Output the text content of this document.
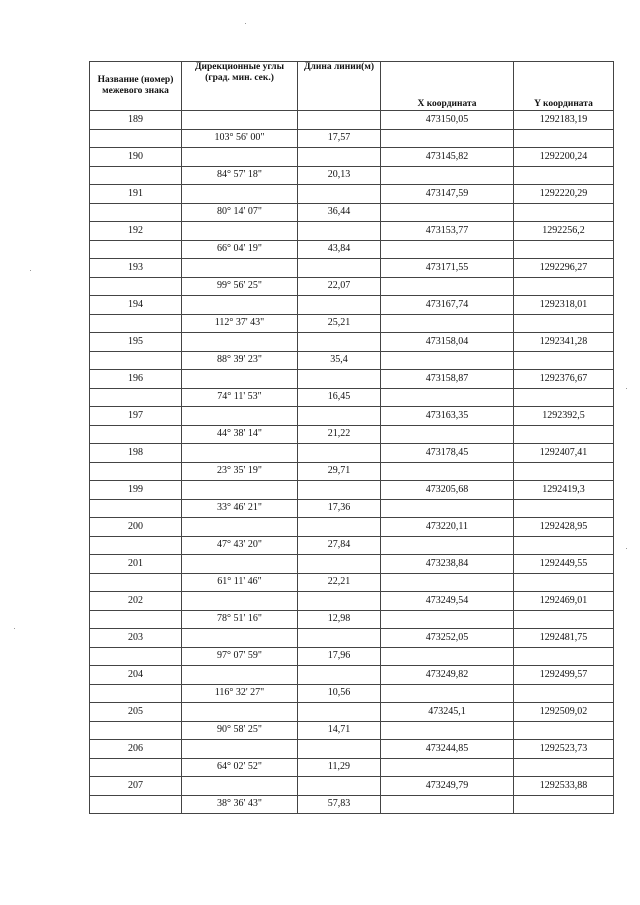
Название (номер) межевого знака	Дирекционные углы (град. мин. сек.)	Длина линии(м)	X координата	Y координата
189			473150,05	1292183,19
	103° 56' 00"	17,57		
190			473145,82	1292200,24
	84° 57' 18"	20,13		
191			473147,59	1292220,29
	80° 14' 07"	36,44		
192			473153,77	1292256,2
	66° 04' 19"	43,84		
193			473171,55	1292296,27
	99° 56' 25"	22,07		
194			473167,74	1292318,01
	112° 37' 43"	25,21		
195			473158,04	1292341,28
	88° 39' 23"	35,4		
196			473158,87	1292376,67
	74° 11' 53"	16,45		
197			473163,35	1292392,5
	44° 38' 14"	21,22		
198			473178,45	1292407,41
	23° 35' 19"	29,71		
199			473205,68	1292419,3
	33° 46' 21"	17,36		
200			473220,11	1292428,95
	47° 43' 20"	27,84		
201			473238,84	1292449,55
	61° 11' 46"	22,21		
202			473249,54	1292469,01
	78° 51' 16"	12,98		
203			473252,05	1292481,75
	97° 07' 59"	17,96		
204			473249,82	1292499,57
	116° 32' 27"	10,56		
205			473245,1	1292509,02
	90° 58' 25"	14,71		
206			473244,85	1292523,73
	64° 02' 52"	11,29		
207			473249,79	1292533,88
	38° 36' 43"	57,83		
